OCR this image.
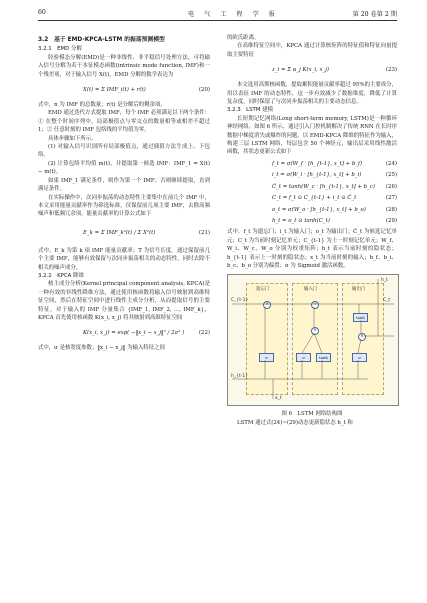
60	电 气 工 程 学 报	第 20 卷第 2 期
3.2　基于 EMD-KPCA-LSTM 的振荡预测模型
3.2.1　EMD 分解

经验模态分解(EMD)是一种非线性、非平稳信号处理方法，可将输入信号分解为若干本征模态函数(intrinsic mode function, IMF)和一个残差项，对于输入信号 X(t)，EMD 分解的数学表达为

X(t) = Σ IMF_i(t) + r(t)	(20)

式中，n 为 IMF 的总数量；r(t) 是分解后的剩余项。

EMD 通过迭代方式提取 IMF，每个 IMF 必须满足以下两个条件：① 在整个时间序列中，局部极值点与零交点的数量相等或相差不超过 1；② 任意时刻的 IMF 包络线的平均值为零。

具体步骤如下所示。

(1) 对输入信号识别所有局部极值点，通过插值方法生成上、下包络。

(2) 计算包络平均值 m(t)，并提取第一候选 IMF：IMF_1 = X(t) − m(t)。

如果 IMF_1 满足条件，则作为第一个 IMF；否则继续提取，直到满足条件。

在实际操作中，次同步振荡的动态特性主要集中在前几个 IMF 中，本文采用能量贡献率作为筛选标准，仅保留前几项主要 IMF，去除高频噪声和低频冗余项，能量贡献率的计算公式如下

E_k = Σ IMF_k²(t) / Σ X²(t)	(21)

式中，E_k 为第 k 项 IMF 能量贡献率；T 为信号长度。通过保留前几个主要 IMF，能够有效保留与次同步振荡相关的动态特性，同时去除不相关的噪声成分。

3.2.2　KPCA 降维

核主成分分析(Kernel principal component analysis, KPCA)是一种有效的非线性降维方法，通过使用核函数将输入信号映射到高维特征空间，然后在特征空间中进行线性主成分分析，从而提取信号的主要特征。对于输入的 IMF 分量集合 {IMF_1, IMF_2, …, IMF_k}，KPCA 首先使用核函数 K(x_i, x_j) 将其映射到高维特征空间

K(x_i, x_j) = exp( −‖x_i − x_j‖² / 2σ² )	(22)

式中，σ 是核宽度参数；‖x_i − x_j‖ 为输入特征之间

的欧氏距离。

在高维特征空间中，KPCA 通过计算核矩阵的特征值和特征向量提取主要特征

z_i = Σ α_j K(x_i, x_j)	(23)

本文选用高斯核函数，提取累积能量贡献率超过 95%的主要成分，用以表征 IMF 的动态特性，这一步有效减少了数据维度，降低了计算复杂度，同时保留了与次同步振荡相关的主要动态信息。

3.2.3　LSTM 建模

长短期记忆网络(Long short-term memory, LSTM)是一种循环神经网络，如图 6 所示，通过引入门控机制解决了传统 RNN 在长时序数据中梯度消失或爆炸的问题，以 EMD-KPCA 降维的特征作为输入，构建三层 LSTM 网络，每层包含 50 个神经元，输出层采用线性激活函数，其状态更新公式如下

f_t = σ(W_f · [h_{t-1}, x_t] + b_f)	(24)
i_t = σ(W_i · [h_{t-1}, x_t] + b_i)	(25)
C̃_t = tanh(W_c · [h_{t-1}, x_t] + b_c) (26)
C_t = f_t ⊙ C_{t-1} + i_t ⊙ C̃_t	(27)
o_t = σ(W_o · [h_{t-1}, x_t] + b_o)	(28)
h_t = o_t ⊙ tanh(C_t)	(29)

式中，f_t 为遗忘门；i_t 为输入门；o_t 为输出门；C̃_t 为候选记忆单元；C_t 为当前时刻记忆单元；C_{t-1} 为上一时刻记忆单元；W_f、W_i、W_c、W_o 分别为权重矩阵；h_t 表示当前时刻的隐状态；h_{t-1} 表示上一时刻的隐状态；x_t 为当前时刻的输入；b_f、b_i、b_c、b_o 分别为偏置；σ 为 Sigmoid 激活函数。

遗忘门	输入门	输出门
σ	σ	tanh	σ
×	+
×
×
tanh
C_{t-1}
h_{t-1}
x_t
h_t
C_t
图 6　LSTM 网络结构图

LSTM 通过式(24)~(29)动态更新隐状态 h_t 和
